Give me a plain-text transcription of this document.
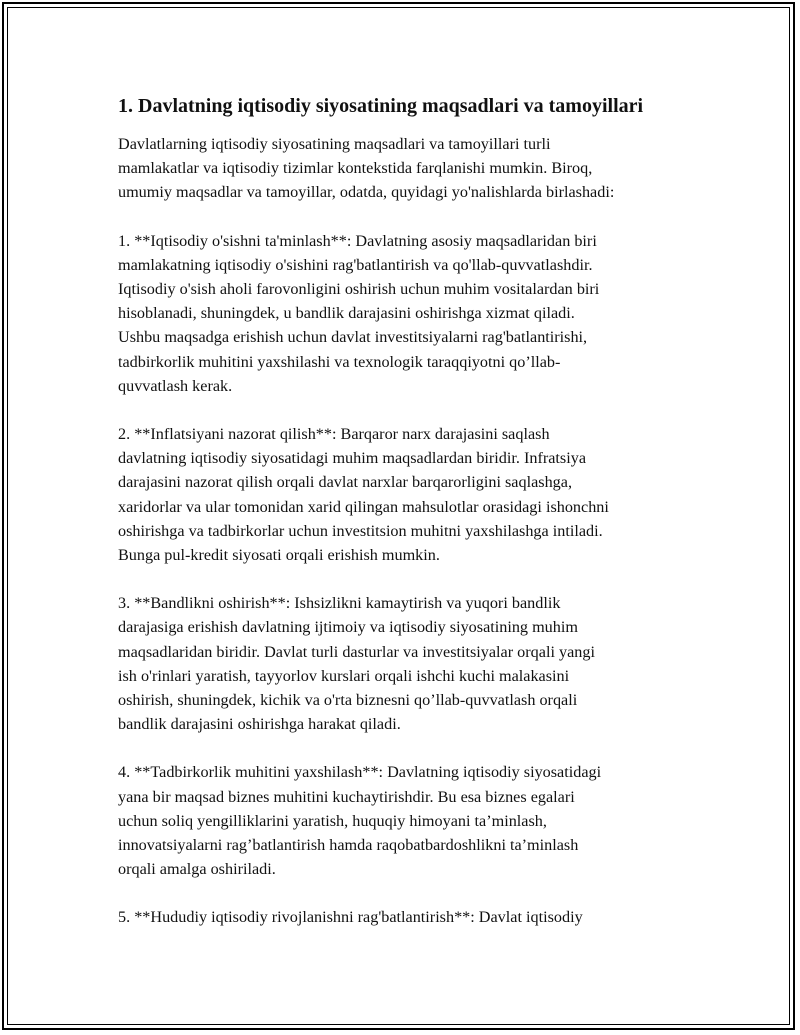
1. Davlatning iqtisodiy siyosatining maqsadlari va tamoyillari

Davlatlarning iqtisodiy siyosatining maqsadlari va tamoyillari turli
mamlakatlar va iqtisodiy tizimlar kontekstida farqlanishi mumkin. Biroq,
umumiy maqsadlar va tamoyillar, odatda, quyidagi yo'nalishlarda birlashadi:

1. **Iqtisodiy o'sishni ta'minlash**: Davlatning asosiy maqsadlaridan biri
mamlakatning iqtisodiy o'sishini rag'batlantirish va qo'llab-quvvatlashdir.
Iqtisodiy o'sish aholi farovonligini oshirish uchun muhim vositalardan biri
hisoblanadi, shuningdek, u bandlik darajasini oshirishga xizmat qiladi.
Ushbu maqsadga erishish uchun davlat investitsiyalarni rag'batlantirishi,
tadbirkorlik muhitini yaxshilashi va texnologik taraqqiyotni qo’llab-
quvvatlash kerak.

2. **Inflatsiyani nazorat qilish**: Barqaror narx darajasini saqlash
davlatning iqtisodiy siyosatidagi muhim maqsadlardan biridir. Infratsiya
darajasini nazorat qilish orqali davlat narxlar barqarorligini saqlashga,
xaridorlar va ular tomonidan xarid qilingan mahsulotlar orasidagi ishonchni
oshirishga va tadbirkorlar uchun investitsion muhitni yaxshilashga intiladi.
Bunga pul-kredit siyosati orqali erishish mumkin.

3. **Bandlikni oshirish**: Ishsizlikni kamaytirish va yuqori bandlik
darajasiga erishish davlatning ijtimoiy va iqtisodiy siyosatining muhim
maqsadlaridan biridir. Davlat turli dasturlar va investitsiyalar orqali yangi
ish o'rinlari yaratish, tayyorlov kurslari orqali ishchi kuchi malakasini
oshirish, shuningdek, kichik va o'rta biznesni qo’llab-quvvatlash orqali
bandlik darajasini oshirishga harakat qiladi.

4. **Tadbirkorlik muhitini yaxshilash**: Davlatning iqtisodiy siyosatidagi
yana bir maqsad biznes muhitini kuchaytirishdir. Bu esa biznes egalari
uchun soliq yengilliklarini yaratish, huquqiy himoyani ta’minlash,
innovatsiyalarni rag’batlantirish hamda raqobatbardoshlikni ta’minlash
orqali amalga oshiriladi.

5. **Hududiy iqtisodiy rivojlanishni rag'batlantirish**: Davlat iqtisodiy
